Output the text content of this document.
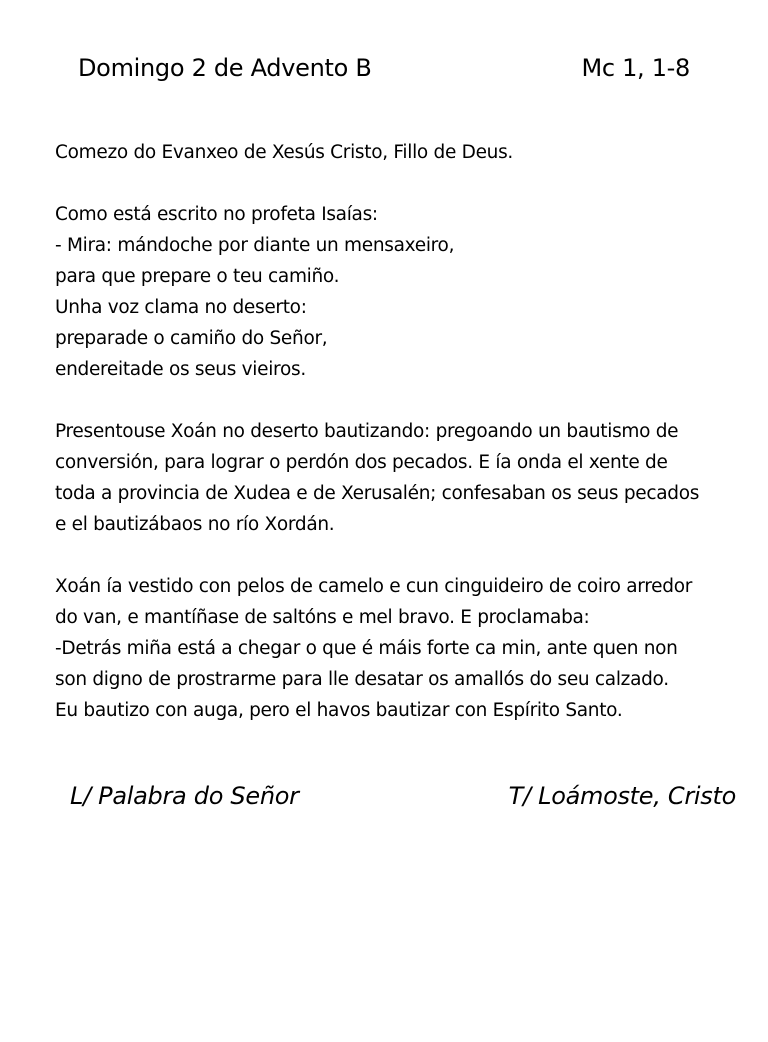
Domingo 2 de Advento B	Mc 1, 1-8
Comezo do Evanxeo de Xesús Cristo, Fillo de Deus.
Como está escrito no profeta Isaías:
- Mira: mándoche por diante un mensaxeiro,
para que prepare o teu camiño.
Unha voz clama no deserto:
preparade o camiño do Señor,
endereitade os seus vieiros.
Presentouse Xoán no deserto bautizando: pregoando un bautismo de
conversión, para lograr o perdón dos pecados. E ía onda el xente de
toda a provincia de Xudea e de Xerusalén; confesaban os seus pecados
e el bautizábaos no río Xordán.
Xoán ía vestido con pelos de camelo e cun cinguideiro de coiro arredor
do van, e mantíñase de saltóns e mel bravo. E proclamaba:
-Detrás miña está a chegar o que é máis forte ca min, ante quen non
son digno de prostrarme para lle desatar os amallós do seu calzado.
Eu bautizo con auga, pero el havos bautizar con Espírito Santo.
L/ Palabra do Señor	T/ Loámoste, Cristo
